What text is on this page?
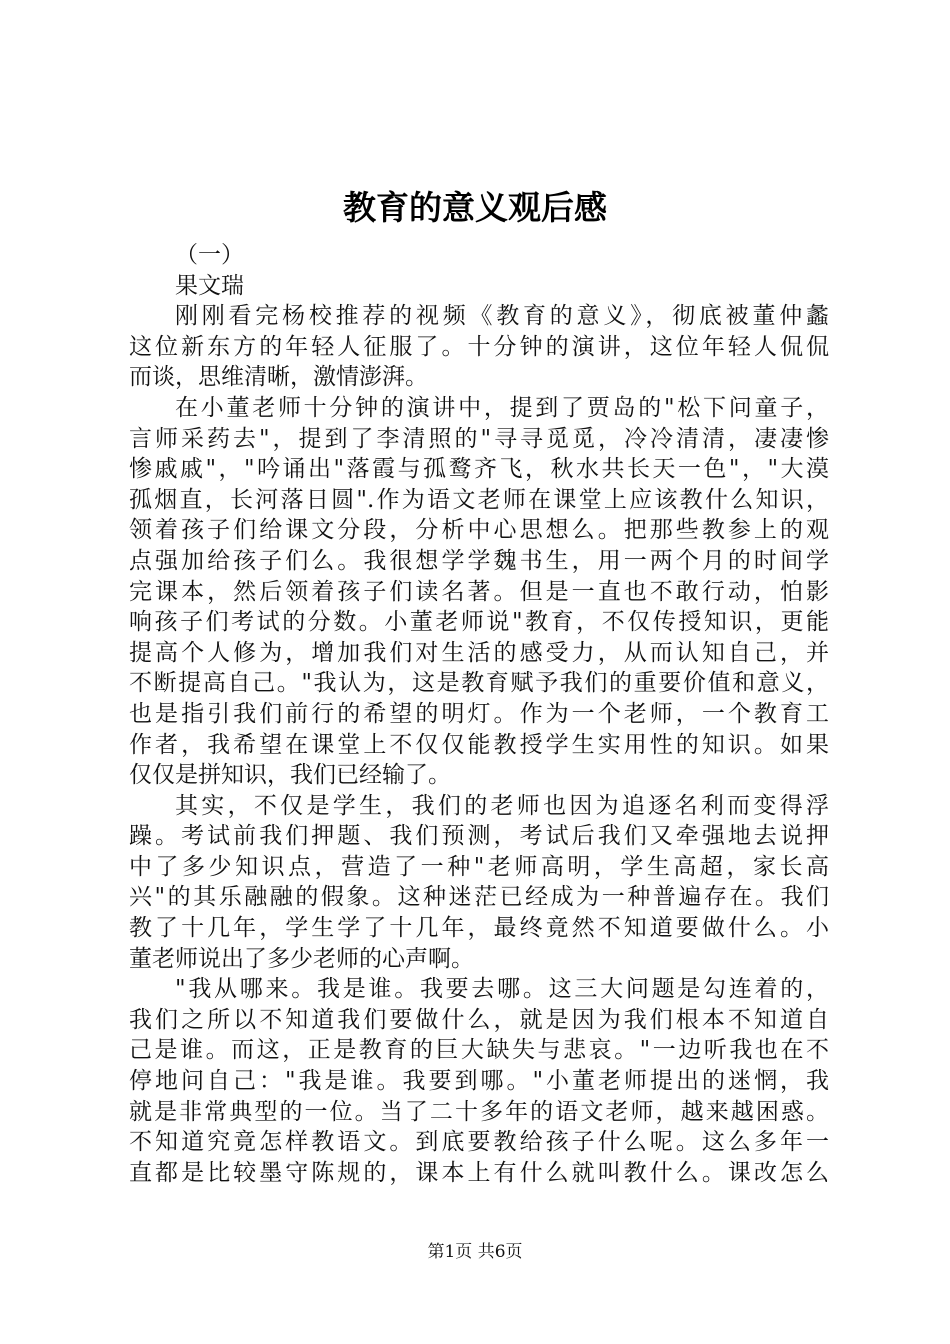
教育的意义观后感
（一）
果文瑞
刚刚看完杨校推荐的视频《教育的意义》，彻底被董仲蠡
这位新东方的年轻人征服了。十分钟的演讲，这位年轻人侃侃
而谈，思维清晰，激情澎湃。
在小董老师十分钟的演讲中，提到了贾岛的"松下问童子，
言师采药去"，提到了李清照的"寻寻觅觅，冷冷清清，凄凄惨
惨戚戚"，"吟诵出"落霞与孤鹜齐飞，秋水共长天一色"，"大漠
孤烟直，长河落日圆".作为语文老师在课堂上应该教什么知识，
领着孩子们给课文分段，分析中心思想么。把那些教参上的观
点强加给孩子们么。我很想学学魏书生，用一两个月的时间学
完课本，然后领着孩子们读名著。但是一直也不敢行动，怕影
响孩子们考试的分数。小董老师说"教育，不仅传授知识，更能
提高个人修为，增加我们对生活的感受力，从而认知自己，并
不断提高自己。"我认为，这是教育赋予我们的重要价值和意义，
也是指引我们前行的希望的明灯。作为一个老师，一个教育工
作者，我希望在课堂上不仅仅能教授学生实用性的知识。如果
仅仅是拼知识，我们已经输了。
其实，不仅是学生，我们的老师也因为追逐名利而变得浮
躁。考试前我们押题、我们预测，考试后我们又牵强地去说押
中了多少知识点，营造了一种"老师高明，学生高超，家长高
兴"的其乐融融的假象。这种迷茫已经成为一种普遍存在。我们
教了十几年，学生学了十几年，最终竟然不知道要做什么。小
董老师说出了多少老师的心声啊。
"我从哪来。我是谁。我要去哪。这三大问题是勾连着的，
我们之所以不知道我们要做什么，就是因为我们根本不知道自
己是谁。而这，正是教育的巨大缺失与悲哀。"一边听我也在不
停地问自己："我是谁。我要到哪。"小董老师提出的迷惘，我
就是非常典型的一位。当了二十多年的语文老师，越来越困惑。
不知道究竟怎样教语文。到底要教给孩子什么呢。这么多年一
直都是比较墨守陈规的，课本上有什么就叫教什么。课改怎么
第1页 共6页
